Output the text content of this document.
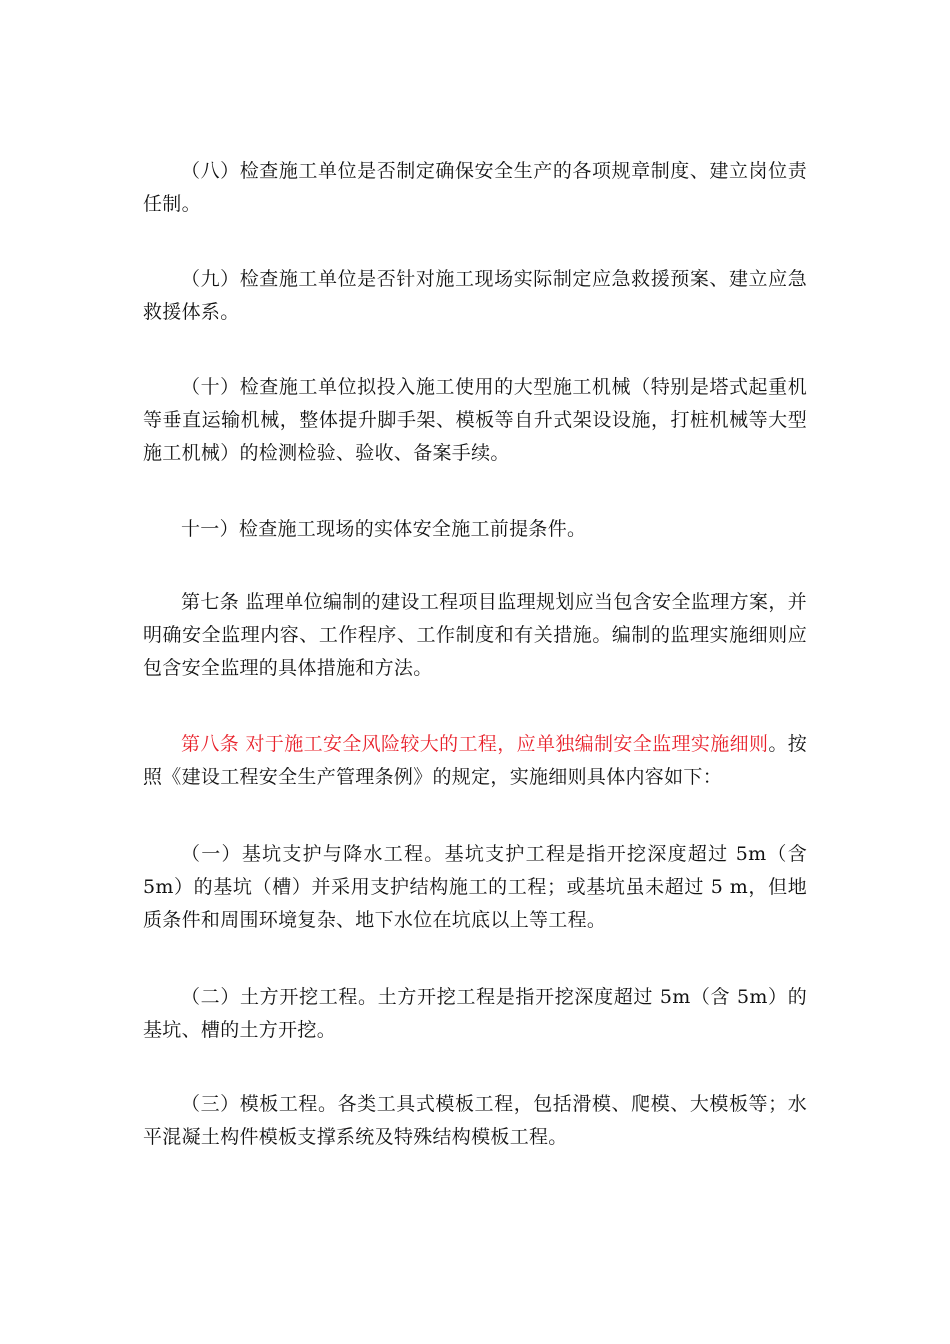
（八）检查施工单位是否制定确保安全生产的各项规章制度、建立岗位责任制。

（九）检查施工单位是否针对施工现场实际制定应急救援预案、建立应急救援体系。

（十）检查施工单位拟投入施工使用的大型施工机械（特别是塔式起重机等垂直运输机械，整体提升脚手架、模板等自升式架设设施，打桩机械等大型施工机械）的检测检验、验收、备案手续。

十一）检查施工现场的实体安全施工前提条件。

第七条 监理单位编制的建设工程项目监理规划应当包含安全监理方案，并明确安全监理内容、工作程序、工作制度和有关措施。编制的监理实施细则应包含安全监理的具体措施和方法。

第八条 对于施工安全风险较大的工程，应单独编制安全监理实施细则。按照《建设工程安全生产管理条例》的规定，实施细则具体内容如下：

（一）基坑支护与降水工程。基坑支护工程是指开挖深度超过 5m（含 5m）的基坑（槽）并采用支护结构施工的工程；或基坑虽未超过 5 m，但地质条件和周围环境复杂、地下水位在坑底以上等工程。

（二）土方开挖工程。土方开挖工程是指开挖深度超过 5m（含 5m）的基坑、槽的土方开挖。

（三）模板工程。各类工具式模板工程，包括滑模、爬模、大模板等；水平混凝土构件模板支撑系统及特殊结构模板工程。
